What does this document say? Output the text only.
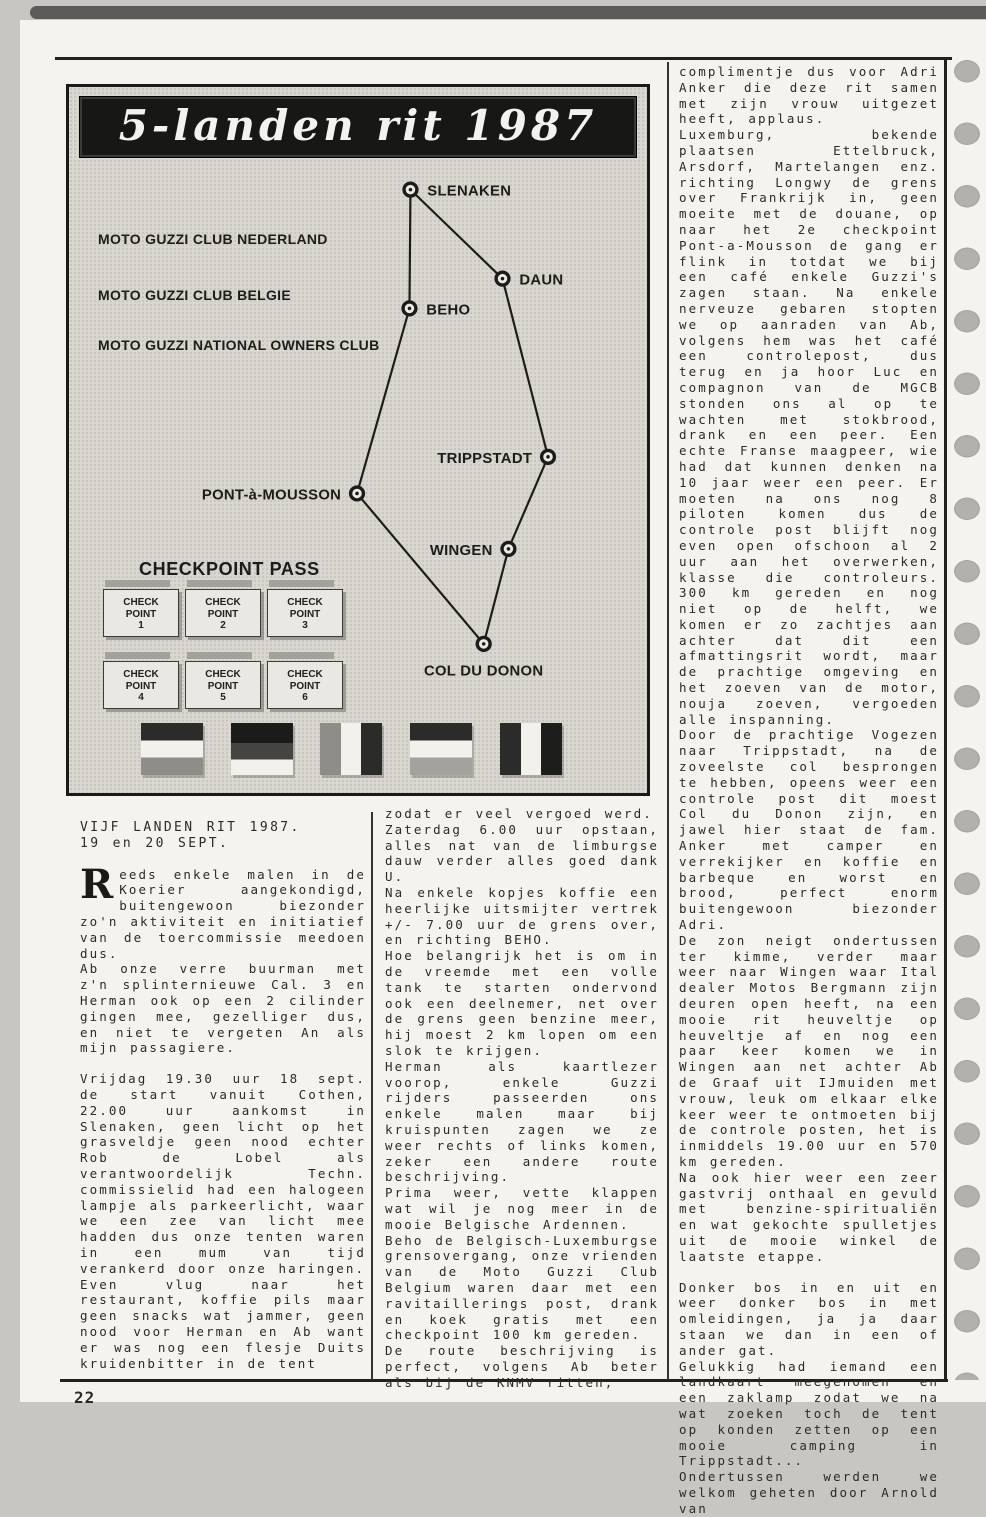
5-landen rit 1987
MOTO GUZZI CLUB NEDERLAND
MOTO GUZZI CLUB BELGIE
MOTO GUZZI NATIONAL OWNERS CLUB
SLENAKEN
DAUN
BEHO
TRIPPSTADT
PONT-à-MOUSSON
WINGEN
COL DU DONON
CHECKPOINT PASS
CHECK POINT
1
CHECK POINT
2
CHECK POINT
3
CHECK POINT
4
CHECK POINT
5
CHECK POINT
6
VIJF LANDEN RIT 1987.
19 en 20 SEPT.

Reeds enkele malen in de Koerier aangekondigd, buitengewoon biezonder zo'n aktiviteit en initiatief van de toercommissie meedoen dus.

Ab onze verre buurman met z'n splinternieuwe Cal. 3 en Herman ook op een 2 cilinder gingen mee, gezelliger dus, en niet te vergeten An als mijn passagiere.

Vrijdag 19.30 uur 18 sept. de start vanuit Cothen, 22.00 uur aankomst in Slenaken, geen licht op het grasveldje geen nood echter Rob de Lobel als verantwoordelijk Techn. commissielid had een halogeen lampje als parkeerlicht, waar we een zee van licht mee hadden dus onze tenten waren in een mum van tijd verankerd door onze haringen.

Even vlug naar het restaurant, koffie pils maar geen snacks wat jammer, geen nood voor Herman en Ab want er was nog een flesje Duits kruidenbitter in de tent

zodat er veel vergoed werd.

Zaterdag 6.00 uur opstaan, alles nat van de limburgse dauw verder alles goed dank U.

Na enkele kopjes koffie een heerlijke uitsmijter vertrek +/- 7.00 uur de grens over, en richting BEHO.

Hoe belangrijk het is om in de vreemde met een volle tank te starten ondervond ook een deelnemer, net over de grens geen benzine meer, hij moest 2 km lopen om een slok te krijgen.

Herman als kaartlezer voorop, enkele Guzzi rijders passeerden ons enkele malen maar bij kruispunten zagen we ze weer rechts of links komen, zeker een andere route beschrijving.

Prima weer, vette klappen wat wil je nog meer in de mooie Belgische Ardennen.

Beho de Belgisch-Luxemburgse grensovergang, onze vrienden van de Moto Guzzi Club Belgium waren daar met een ravitaillerings post, drank en koek gratis met een checkpoint 100 km gereden.

De route beschrijving is perfect, volgens Ab beter als bij de KNMV ritten,

complimentje dus voor Adri Anker die deze rit samen met zijn vrouw uitgezet heeft, applaus.

Luxemburg, bekende plaatsen Ettelbruck, Arsdorf, Martelangen enz. richting Longwy de grens over Frankrijk in, geen moeite met de douane, op naar het 2e checkpoint Pont-a-Mousson de gang er flink in totdat we bij een café enkele Guzzi's zagen staan. Na enkele nerveuze gebaren stopten we op aanraden van Ab, volgens hem was het café een controlepost, dus terug en ja hoor Luc en compagnon van de MGCB stonden ons al op te wachten met stokbrood, drank en een peer. Een echte Franse maagpeer, wie had dat kunnen denken na 10 jaar weer een peer. Er moeten na ons nog 8 piloten komen dus de controle post blijft nog even open ofschoon al 2 uur aan het overwerken, klasse die controleurs. 300 km gereden en nog niet op de helft, we komen er zo zachtjes aan achter dat dit een afmattingsrit wordt, maar de prachtige omgeving en het zoeven van de motor, nouja zoeven, vergoeden alle inspanning.

Door de prachtige Vogezen naar Trippstadt, na de zoveelste col besprongen te hebben, opeens weer een controle post dit moest Col du Donon zijn, en jawel hier staat de fam. Anker met camper en verrekijker en koffie en barbeque en worst en brood, perfect enorm buitengewoon biezonder Adri.

De zon neigt ondertussen ter kimme, verder maar weer naar Wingen waar Ital dealer Motos Bergmann zijn deuren open heeft, na een mooie rit heuveltje op heuveltje af en nog een paar keer komen we in Wingen aan net achter Ab de Graaf uit IJmuiden met vrouw, leuk om elkaar elke keer weer te ontmoeten bij de controle posten, het is inmiddels 19.00 uur en 570 km gereden.

Na ook hier weer een zeer gastvrij onthaal en gevuld met benzine-spiritualiën en wat gekochte spulletjes uit de mooie winkel de laatste etappe.

Donker bos in en uit en weer donker bos in met omleidingen, ja ja daar staan we dan in een of ander gat.

Gelukkig had iemand een landkaart meegenomen en een zaklamp zodat we na wat zoeken toch de tent op konden zetten op een mooie camping in Trippstadt...

Ondertussen werden we welkom geheten door Arnold van

22
